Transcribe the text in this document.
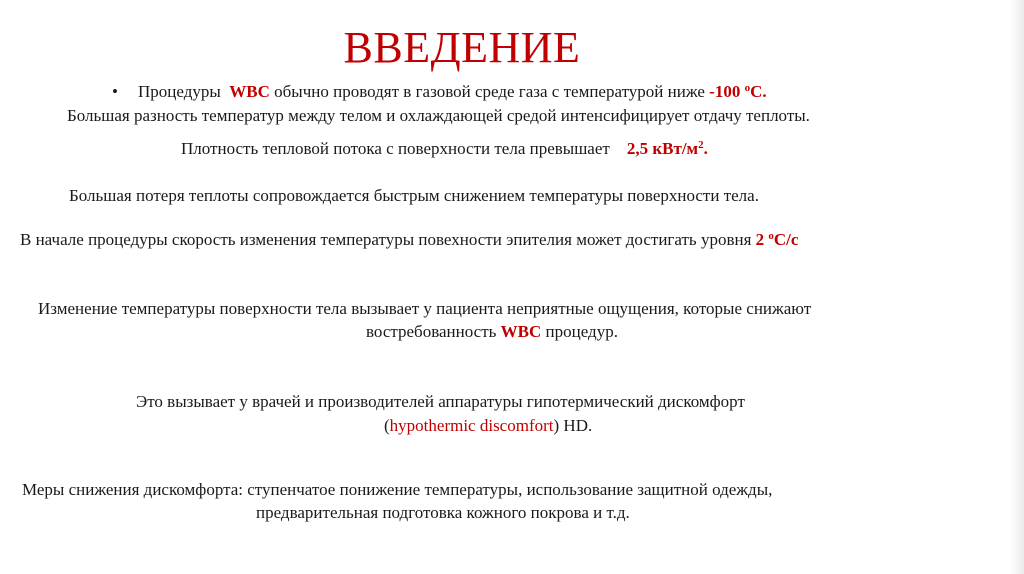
ВВЕДЕНИЕ
• Процедуры WBC обычно проводят в газовой среде газа с температурой ниже -100 $^o$С.
Большая разность температур между телом и охлаждающей средой интенсифицирует отдачу теплоты.
Плотность тепловой потока с поверхности тела превышает 2,5 кВт/$м^2$.
Большая потеря теплоты сопровождается быстрым снижением температуры поверхности тела.
В начале процедуры скорость изменения температуры повехности эпителия может достигать уровня 2 $^o$С/с
Изменение температуры поверхности тела вызывает у пациента неприятные ощущения, которые снижают
востребованность WBC процедур.
Это вызывает у врачей и производителей аппаратуры гипотермический дискомфорт
(hypothermic discomfort) HD.
Меры снижения дискомфорта: ступенчатое понижение температуры, использование защитной одежды,
предварительная подготовка кожного покрова и т.д.
